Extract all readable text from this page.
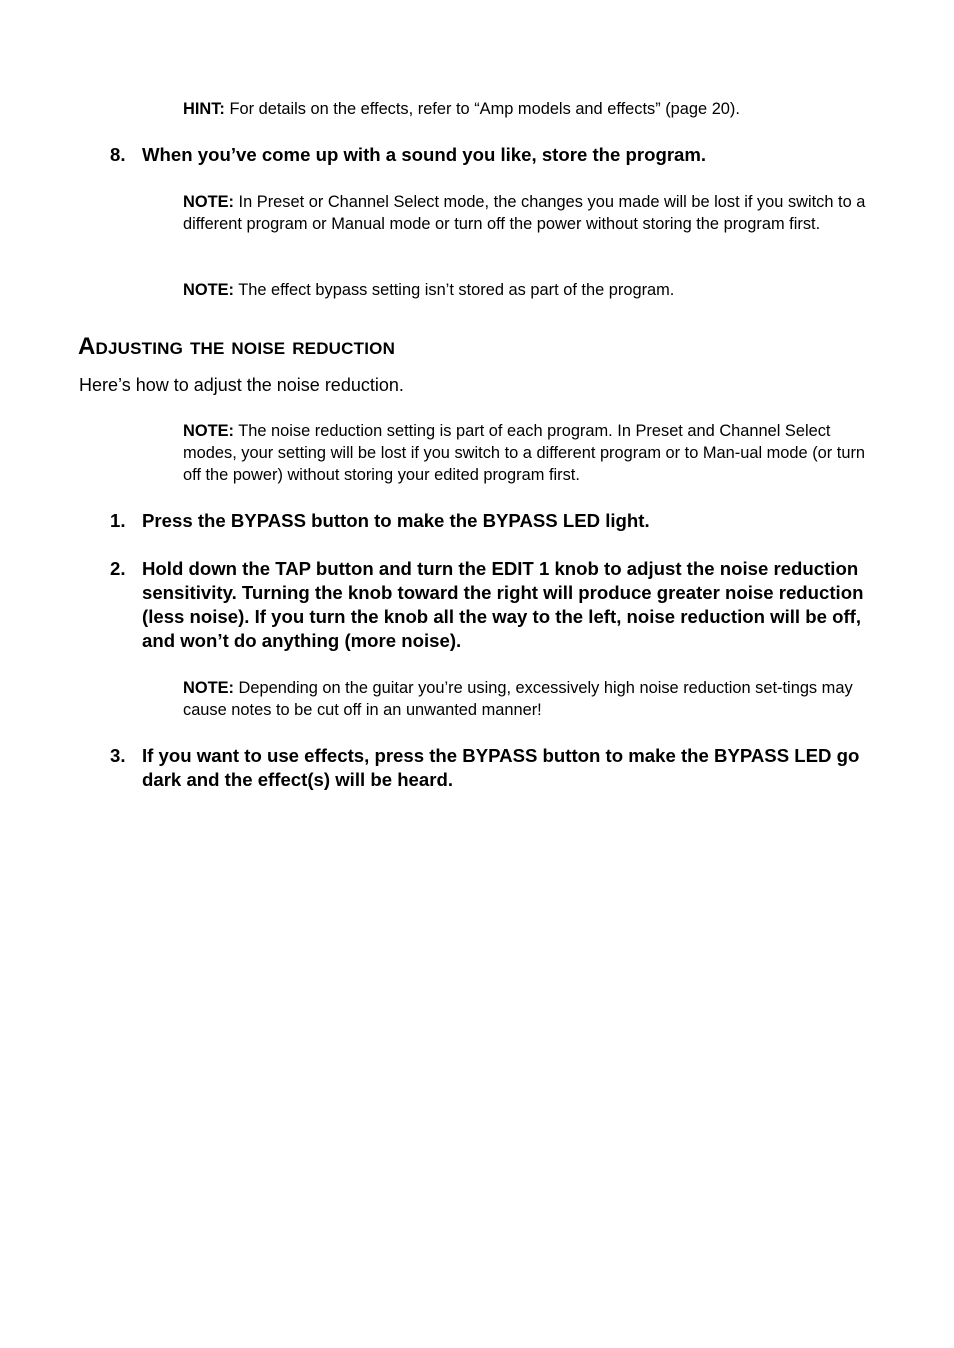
HINT: For details on the effects, refer to “Amp models and effects” (page 20).
8. When you’ve come up with a sound you like, store the program.
NOTE: In Preset or Channel Select mode, the changes you made will be lost if you switch to a different program or Manual mode or turn off the power without storing the program first.
NOTE: The effect bypass setting isn’t stored as part of the program.
Adjusting the noise reduction
Here’s how to adjust the noise reduction.
NOTE: The noise reduction setting is part of each program. In Preset and Channel Select modes, your setting will be lost if you switch to a different program or to Man-ual mode (or turn off the power) without storing your edited program first.
1. Press the BYPASS button to make the BYPASS LED light.
2. Hold down the TAP button and turn the EDIT 1 knob to adjust the noise reduction sensitivity. Turning the knob toward the right will produce greater noise reduction (less noise). If you turn the knob all the way to the left, noise reduction will be off, and won’t do anything (more noise).
NOTE: Depending on the guitar you’re using, excessively high noise reduction set-tings may cause notes to be cut off in an unwanted manner!
3. If you want to use effects, press the BYPASS button to make the BYPASS LED go dark and the effect(s) will be heard.
